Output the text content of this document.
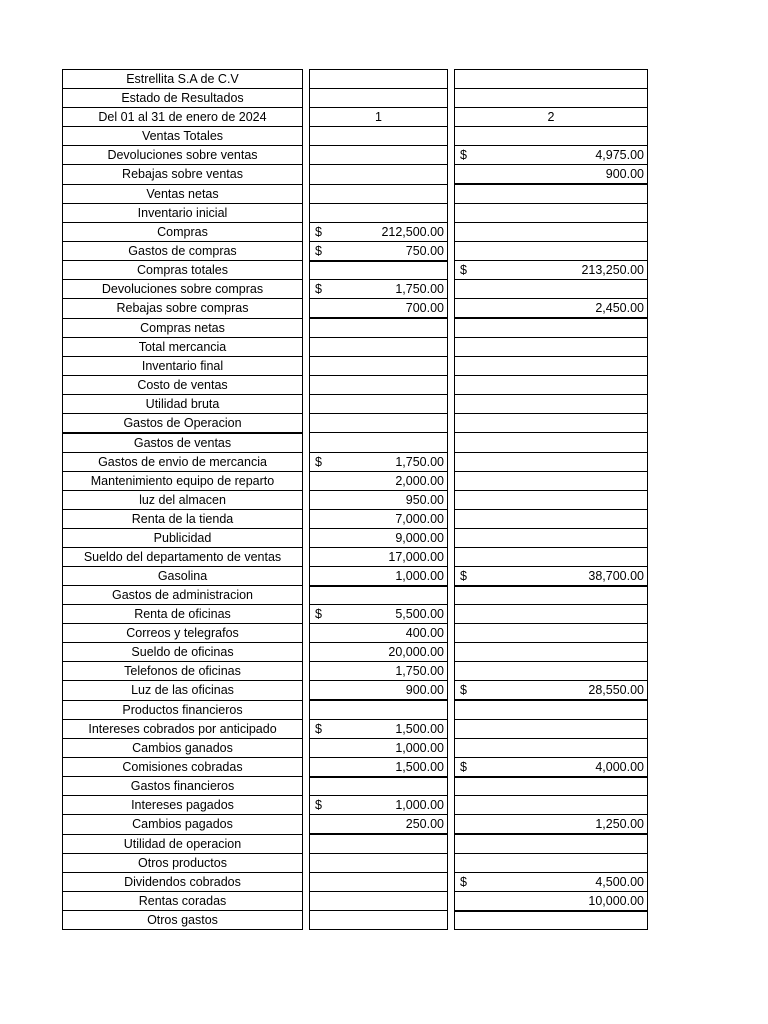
Estrellita S.A de C.V		

Estado de Resultados		

Del 01 al 31 de enero de 2024		1		2

Ventas Totales		

Devoluciones sobre ventas				$ 4,975.00

Rebajas sobre ventas				900.00

Ventas netas		

Inventario inicial		

Compras		$ 212,500.00		

Gastos de compras		$ 750.00		

Compras totales				$ 213,250.00

Devoluciones sobre compras		$ 1,750.00		

Rebajas sobre compras		700.00		2,450.00

Compras netas		

Total mercancia		

Inventario final		

Costo de ventas		

Utilidad bruta		

Gastos de Operacion		

Gastos de ventas		

Gastos de envio de mercancia		$ 1,750.00		

Mantenimiento equipo de reparto		2,000.00		

luz del almacen		950.00		

Renta de la tienda		7,000.00		

Publicidad		9,000.00		

Sueldo del departamento de ventas		17,000.00		

Gasolina		1,000.00		$ 38,700.00

Gastos de administracion		

Renta de oficinas		$ 5,500.00		

Correos y telegrafos		400.00		

Sueldo de oficinas		20,000.00		

Telefonos de oficinas		1,750.00		

Luz de las oficinas		900.00		$ 28,550.00

Productos financieros		

Intereses cobrados por anticipado		$ 1,500.00		

Cambios ganados		1,000.00		

Comisiones cobradas		1,500.00		$ 4,000.00

Gastos financieros		

Intereses pagados		$ 1,000.00		

Cambios pagados		250.00		1,250.00

Utilidad de operacion		

Otros productos		

Dividendos cobrados				$ 4,500.00

Rentas coradas				10,000.00

Otros gastos		
